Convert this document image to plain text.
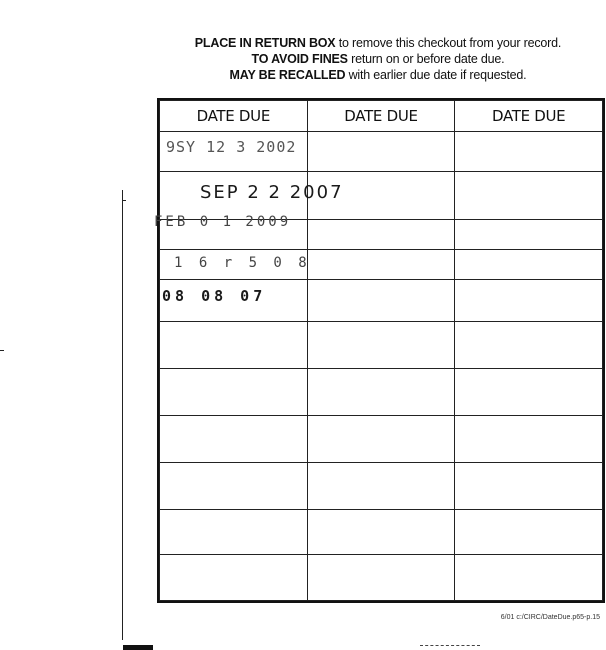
PLACE IN RETURN BOX to remove this checkout from your record.
TO AVOID FINES return on or before date due.
MAY BE RECALLED with earlier due date if requested.
DATE DUE	DATE DUE	DATE DUE

9SY 12 3 2002		

SEP 2 2 2007		

FEB 0 1 2009		

1 6 r 5 0 8		

08 08 07		

6/01 c:/CIRC/DateDue.p65-p.15
